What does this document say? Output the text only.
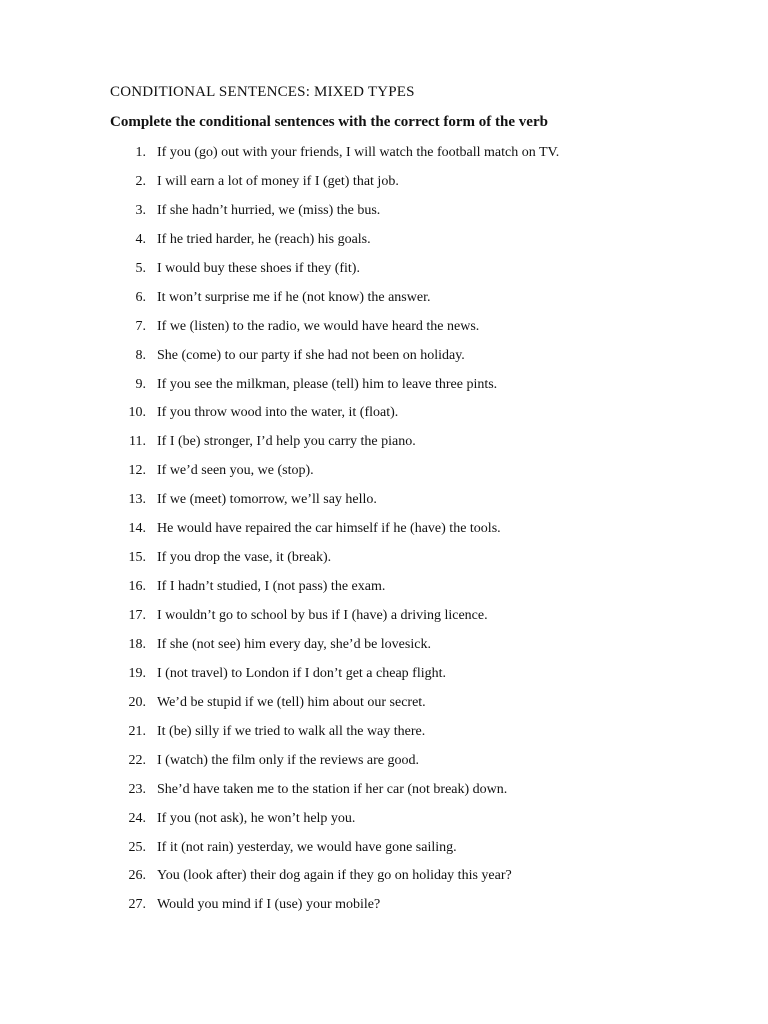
CONDITIONAL SENTENCES: MIXED TYPES
Complete the conditional sentences with the correct form of the verb
1. If you (go) out with your friends, I will watch the football match on TV.
2. I will earn a lot of money if I (get) that job.
3. If she hadn’t hurried, we (miss) the bus.
4. If he tried harder, he (reach) his goals.
5. I would buy these shoes if they (fit).
6. It won’t surprise me if he (not know) the answer.
7. If we (listen) to the radio, we would have heard the news.
8. She (come) to our party if she had not been on holiday.
9. If you see the milkman, please (tell) him to leave three pints.
10. If you throw wood into the water, it (float).
11. If I (be) stronger, I’d help you carry the piano.
12. If we’d seen you, we (stop).
13. If we (meet) tomorrow, we’ll say hello.
14. He would have repaired the car himself if he (have) the tools.
15. If you drop the vase, it (break).
16. If I hadn’t studied, I (not pass) the exam.
17. I wouldn’t go to school by bus if I (have) a driving licence.
18. If she (not see) him every day, she’d be lovesick.
19. I (not travel) to London if I don’t get a cheap flight.
20. We’d be stupid if we (tell) him about our secret.
21. It (be) silly if we tried to walk all the way there.
22. I (watch) the film only if the reviews are good.
23. She’d have taken me to the station if her car (not break) down.
24. If you (not ask), he won’t help you.
25. If it (not rain) yesterday, we would have gone sailing.
26. You (look after) their dog again if they go on holiday this year?
27. Would you mind if I (use) your mobile?
